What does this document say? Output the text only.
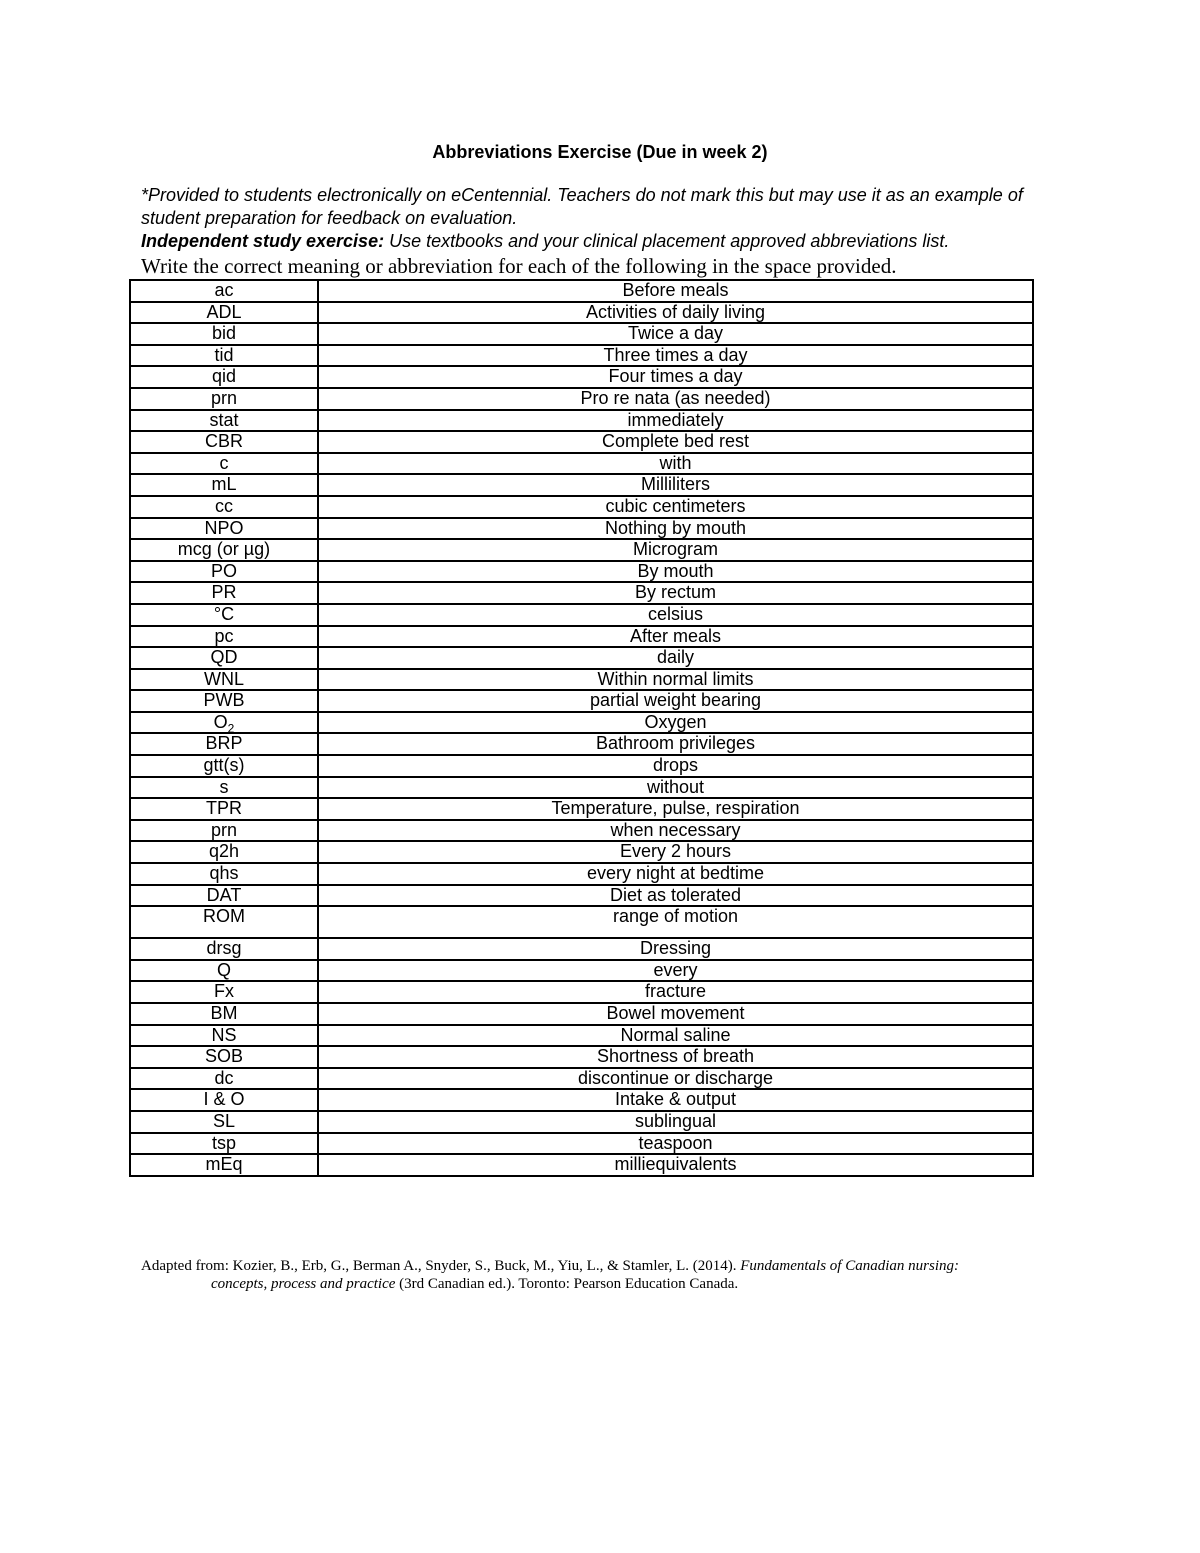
Abbreviations Exercise (Due in week 2)
*Provided to students electronically on eCentennial. Teachers do not mark this but may use it as an example of student preparation for feedback on evaluation.
Independent study exercise: Use textbooks and your clinical placement approved abbreviations list.
Write the correct meaning or abbreviation for each of the following in the space provided.
ac	Before meals
ADL	Activities of daily living
bid	Twice a day
tid	Three times a day
qid	Four times a day
prn	Pro re nata (as needed)
stat	immediately
CBR	Complete bed rest
c	with
mL	Milliliters
cc	cubic centimeters
NPO	Nothing by mouth
mcg (or µg)	Microgram
PO	By mouth
PR	By rectum
°C	celsius
pc	After meals
QD	daily
WNL	Within normal limits
PWB	partial weight bearing
$O_2$	Oxygen
BRP	Bathroom privileges
gtt(s)	drops
s	without
TPR	Temperature, pulse, respiration
prn	when necessary
q2h	Every 2 hours
qhs	every night at bedtime
DAT	Diet as tolerated
ROM	range of motion
drsg	Dressing
Q	every
Fx	fracture
BM	Bowel movement
NS	Normal saline
SOB	Shortness of breath
dc	discontinue or discharge
I & O	Intake & output
SL	sublingual
tsp	teaspoon
mEq	milliequivalents
Adapted from: Kozier, B., Erb, G., Berman A., Snyder, S., Buck, M., Yiu, L., & Stamler, L. (2014). Fundamentals of Canadian nursing:
concepts, process and practice (3rd Canadian ed.). Toronto: Pearson Education Canada.
